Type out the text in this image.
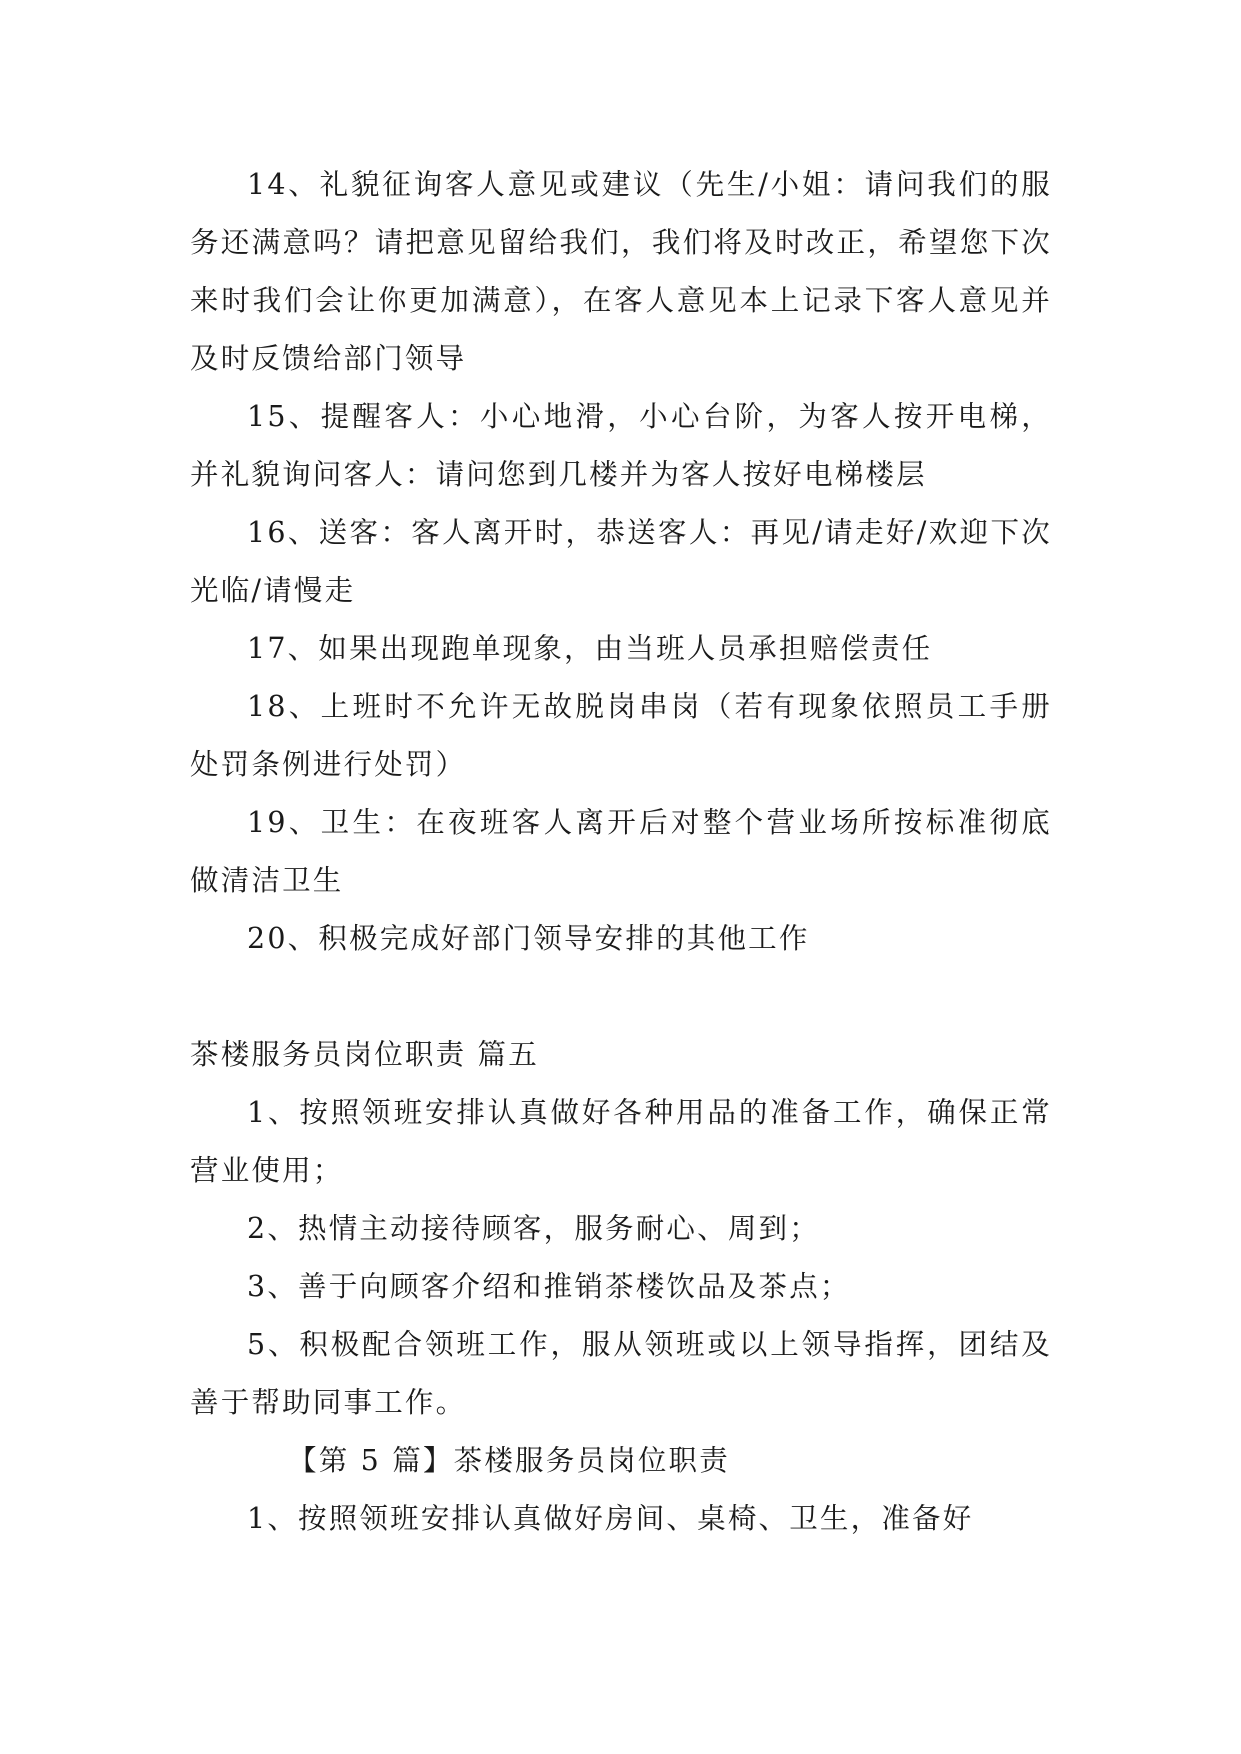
14、礼貌征询客人意见或建议（先生/小姐：请问我们的服务还满意吗？请把意见留给我们，我们将及时改正，希望您下次来时我们会让你更加满意），在客人意见本上记录下客人意见并及时反馈给部门领导

15、提醒客人：小心地滑，小心台阶，为客人按开电梯，并礼貌询问客人：请问您到几楼并为客人按好电梯楼层

16、送客：客人离开时，恭送客人：再见/请走好/欢迎下次光临/请慢走

17、如果出现跑单现象，由当班人员承担赔偿责任

18、上班时不允许无故脱岗串岗（若有现象依照员工手册处罚条例进行处罚）

19、卫生：在夜班客人离开后对整个营业场所按标准彻底做清洁卫生

20、积极完成好部门领导安排的其他工作

茶楼服务员岗位职责 篇五

1、按照领班安排认真做好各种用品的准备工作，确保正常营业使用；

2、热情主动接待顾客，服务耐心、周到；

3、善于向顾客介绍和推销茶楼饮品及茶点；

5、积极配合领班工作，服从领班或以上领导指挥，团结及善于帮助同事工作。

【第 5 篇】茶楼服务员岗位职责

1、按照领班安排认真做好房间、桌椅、卫生，准备好
